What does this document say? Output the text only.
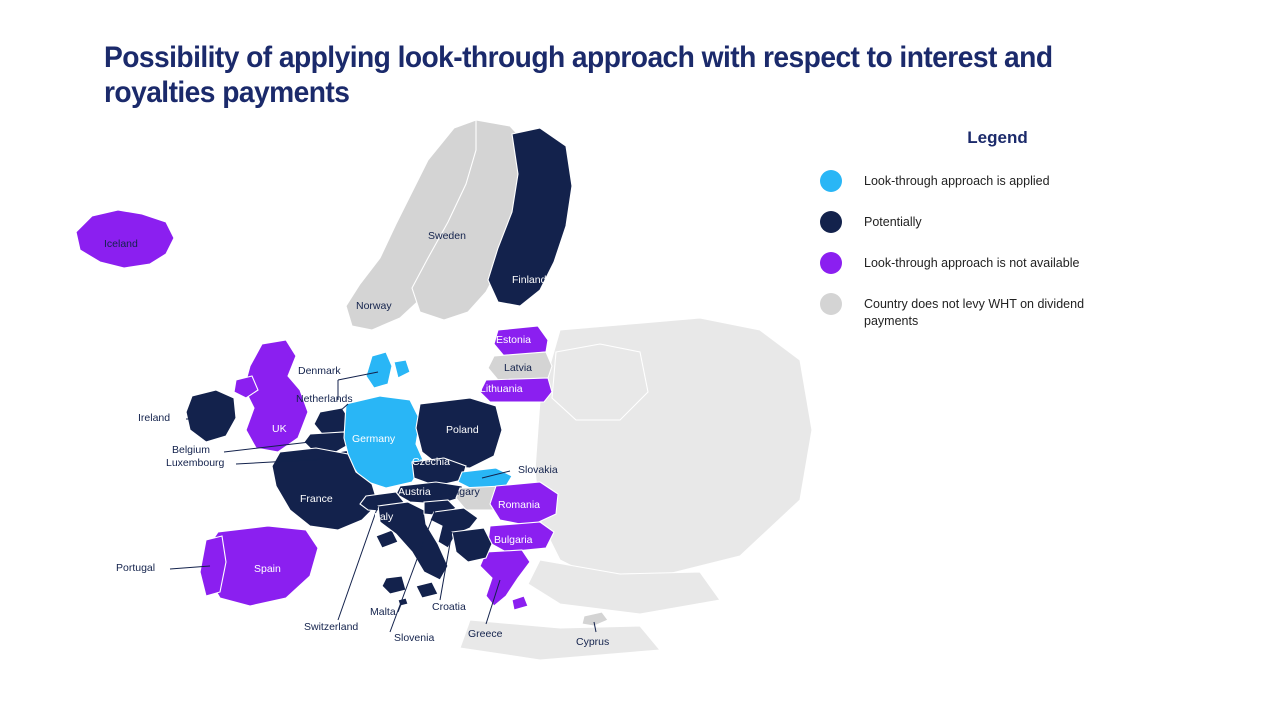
Possibility of applying look-through approach with respect to interest and royalties payments
Iceland
Norway
Sweden
Finland
Estonia
Latvia
Lithuania
Denmark
Netherlands
Ireland
UK
Belgium
Luxembourg
Germany
Poland
Czechia
Slovakia
Austria Hungary
Romania
Bulgaria
Greece
France
Switzerland
Italy
Slovenia
Croatia
Spain
Portugal
Malta
Cyprus
Legend
Look-through approach is applied
Potentially
Look-through approach is not available
Country does not levy WHT on dividend payments
